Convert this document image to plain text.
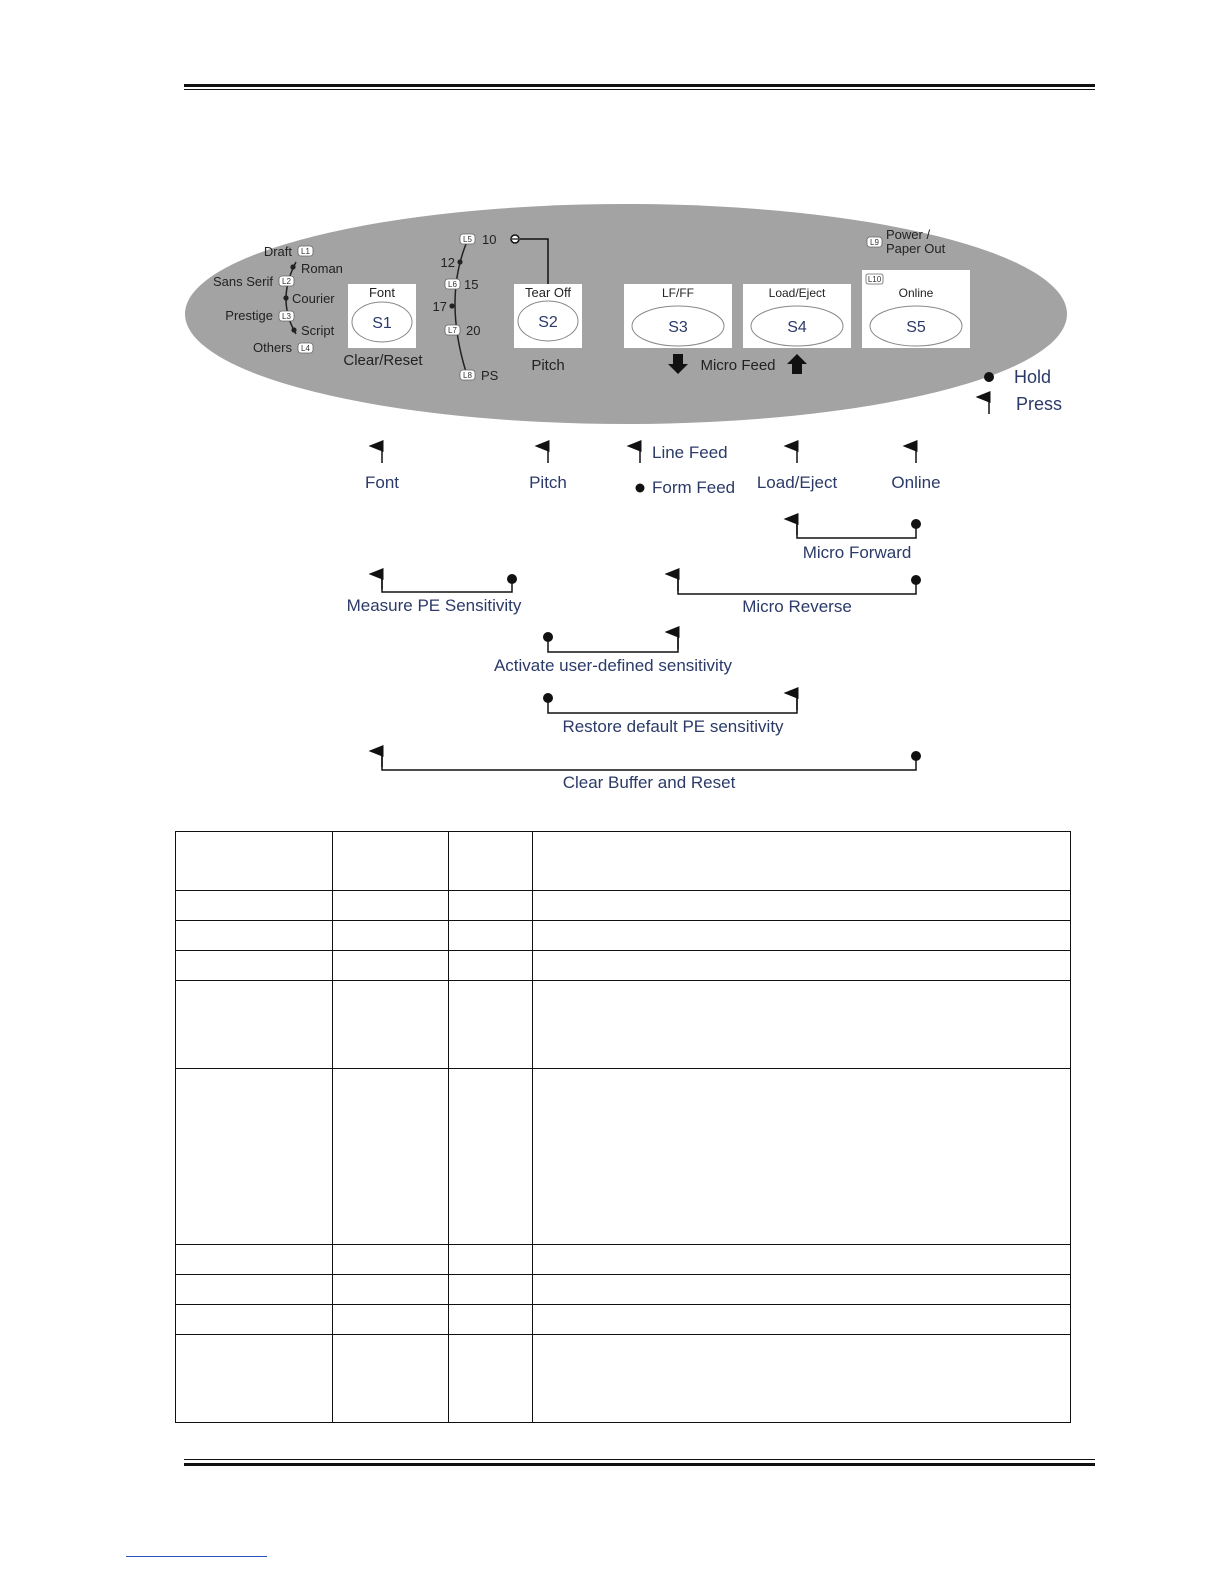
Draft
Roman
Sans Serif
Courier
Prestige
Script
Others
L1
L2
L3
L4
10
12
15
17
20
PS
L5
L6
L7
L8
Font
S1
Clear/Reset
Tear Off
S2
Pitch
LF/FF
S3
Load/Eject
S4
Online
S5
L10
L9
Power /
Paper Out
Micro Feed
Hold
Press
Font	Pitch
Line Feed
Form Feed Load/Eject	Online
Micro Forward
Measure PE Sensitivity	Micro Reverse
Activate user-defined sensitivity
Restore default PE sensitivity
Clear Buffer and Reset
